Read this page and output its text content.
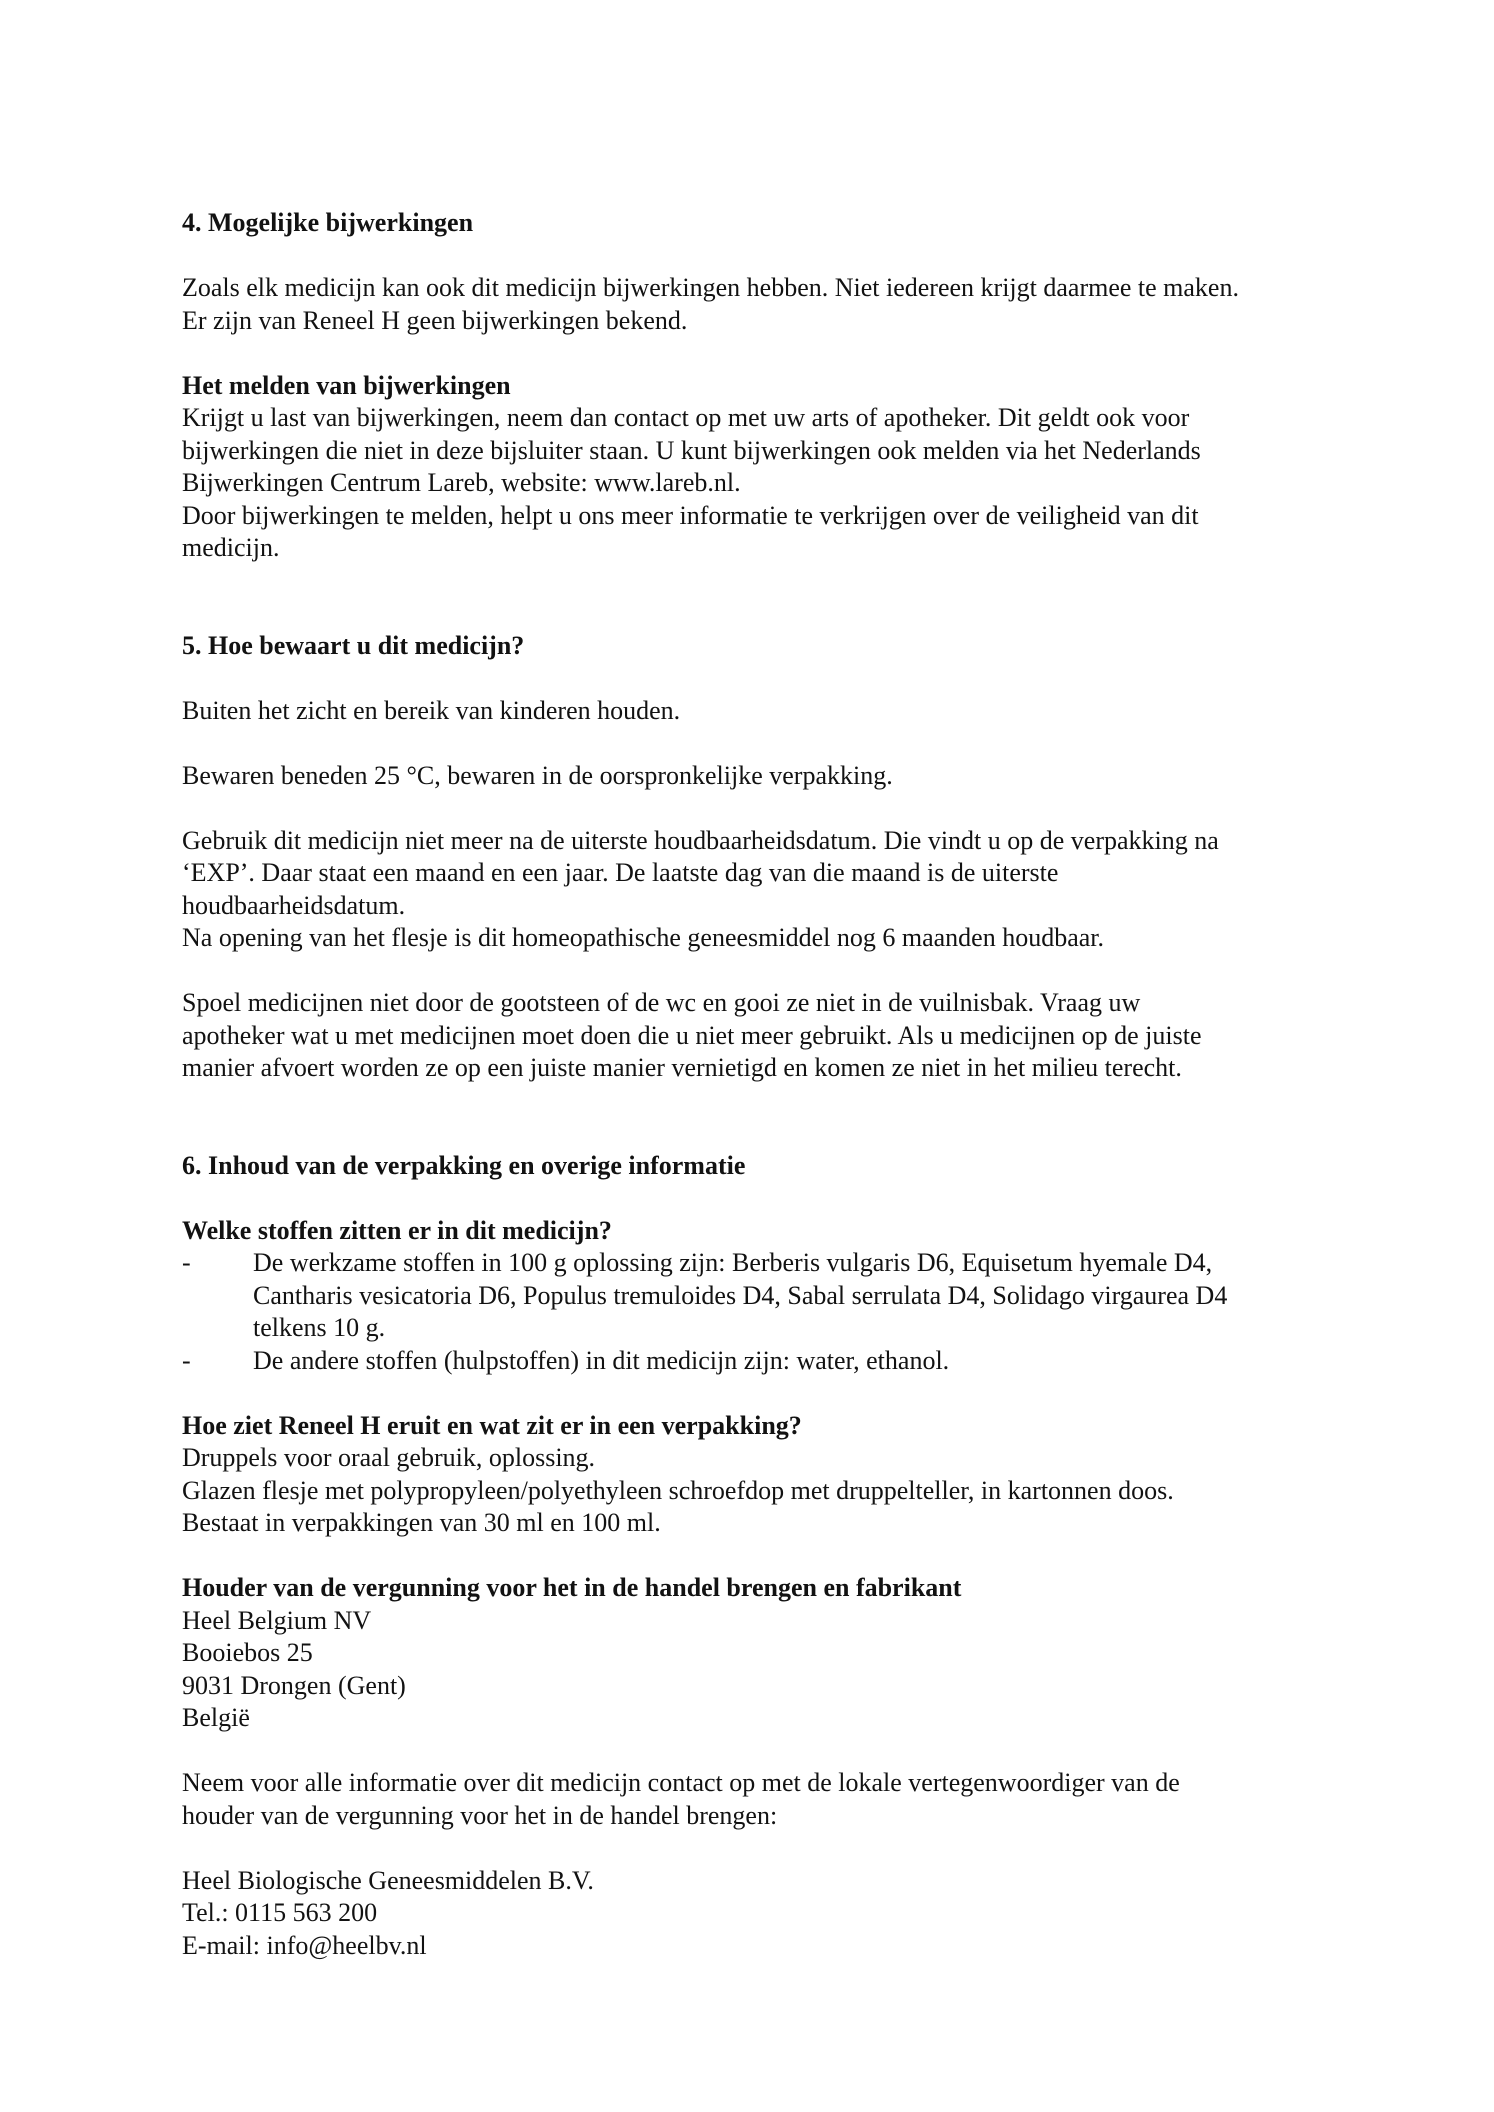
4. Mogelijke bijwerkingen
Zoals elk medicijn kan ook dit medicijn bijwerkingen hebben. Niet iedereen krijgt daarmee te maken.
Er zijn van Reneel H geen bijwerkingen bekend.
Het melden van bijwerkingen
Krijgt u last van bijwerkingen, neem dan contact op met uw arts of apotheker. Dit geldt ook voor
bijwerkingen die niet in deze bijsluiter staan. U kunt bijwerkingen ook melden via het Nederlands
Bijwerkingen Centrum Lareb, website: www.lareb.nl.
Door bijwerkingen te melden, helpt u ons meer informatie te verkrijgen over de veiligheid van dit
medicijn.
5. Hoe bewaart u dit medicijn?
Buiten het zicht en bereik van kinderen houden.
Bewaren beneden 25 °C, bewaren in de oorspronkelijke verpakking.
Gebruik dit medicijn niet meer na de uiterste houdbaarheidsdatum. Die vindt u op de verpakking na
‘EXP’. Daar staat een maand en een jaar. De laatste dag van die maand is de uiterste
houdbaarheidsdatum.
Na opening van het flesje is dit homeopathische geneesmiddel nog 6 maanden houdbaar.
Spoel medicijnen niet door de gootsteen of de wc en gooi ze niet in de vuilnisbak. Vraag uw
apotheker wat u met medicijnen moet doen die u niet meer gebruikt. Als u medicijnen op de juiste
manier afvoert worden ze op een juiste manier vernietigd en komen ze niet in het milieu terecht.
6. Inhoud van de verpakking en overige informatie
Welke stoffen zitten er in dit medicijn?
-	De werkzame stoffen in 100 g oplossing zijn: Berberis vulgaris D6, Equisetum hyemale D4,
Cantharis vesicatoria D6, Populus tremuloides D4, Sabal serrulata D4, Solidago virgaurea D4
telkens 10 g.
-	De andere stoffen (hulpstoffen) in dit medicijn zijn: water, ethanol.
Hoe ziet Reneel H eruit en wat zit er in een verpakking?
Druppels voor oraal gebruik, oplossing.
Glazen flesje met polypropyleen/polyethyleen schroefdop met druppelteller, in kartonnen doos.
Bestaat in verpakkingen van 30 ml en 100 ml.
Houder van de vergunning voor het in de handel brengen en fabrikant
Heel Belgium NV
Booiebos 25
9031 Drongen (Gent)
België
Neem voor alle informatie over dit medicijn contact op met de lokale vertegenwoordiger van de
houder van de vergunning voor het in de handel brengen:
Heel Biologische Geneesmiddelen B.V.
Tel.: 0115 563 200
E-mail: info@heelbv.nl
